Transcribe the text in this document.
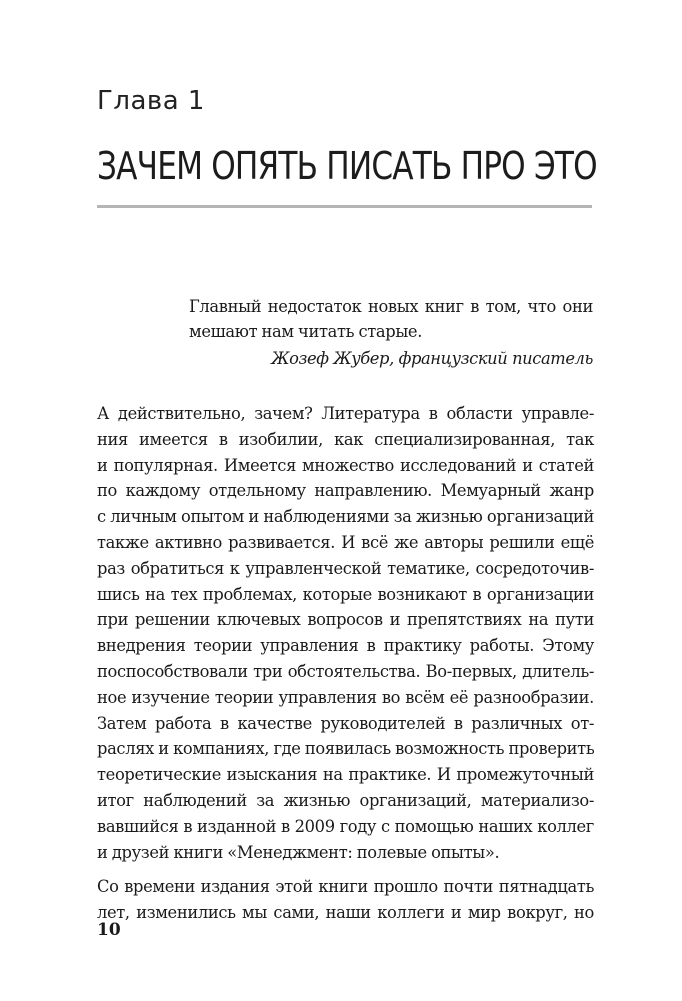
Глава 1
ЗАЧЕМ ОПЯТЬ ПИСАТЬ ПРО ЭТО

Главный недостаток новых книг в том, что они
мешают нам читать старые.

Жозеф Жубер, французский писатель

А действительно, зачем? Литература в области управле-
ния имеется в изобилии, как специализированная, так
и популярная. Имеется множество исследований и статей
по каждому отдельному направлению. Мемуарный жанр
с личным опытом и наблюдениями за жизнью организаций
также активно развивается. И всё же авторы решили ещё
раз обратиться к управленческой тематике, сосредоточив-
шись на тех проблемах, которые возникают в организации
при решении ключевых вопросов и препятствиях на пути
внедрения теории управления в практику работы. Этому
поспособствовали три обстоятельства. Во-первых, длитель-
ное изучение теории управления во всём её разнообразии.
Затем работа в качестве руководителей в различных от-
раслях и компаниях, где появилась возможность проверить
теоретические изыскания на практике. И промежуточный
итог наблюдений за жизнью организаций, материализо-
вавшийся в изданной в 2009 году с помощью наших коллег
и друзей книги «Менеджмент: полевые опыты».

Со времени издания этой книги прошло почти пятнадцать
лет, изменились мы сами, наши коллеги и мир вокруг, но

10
